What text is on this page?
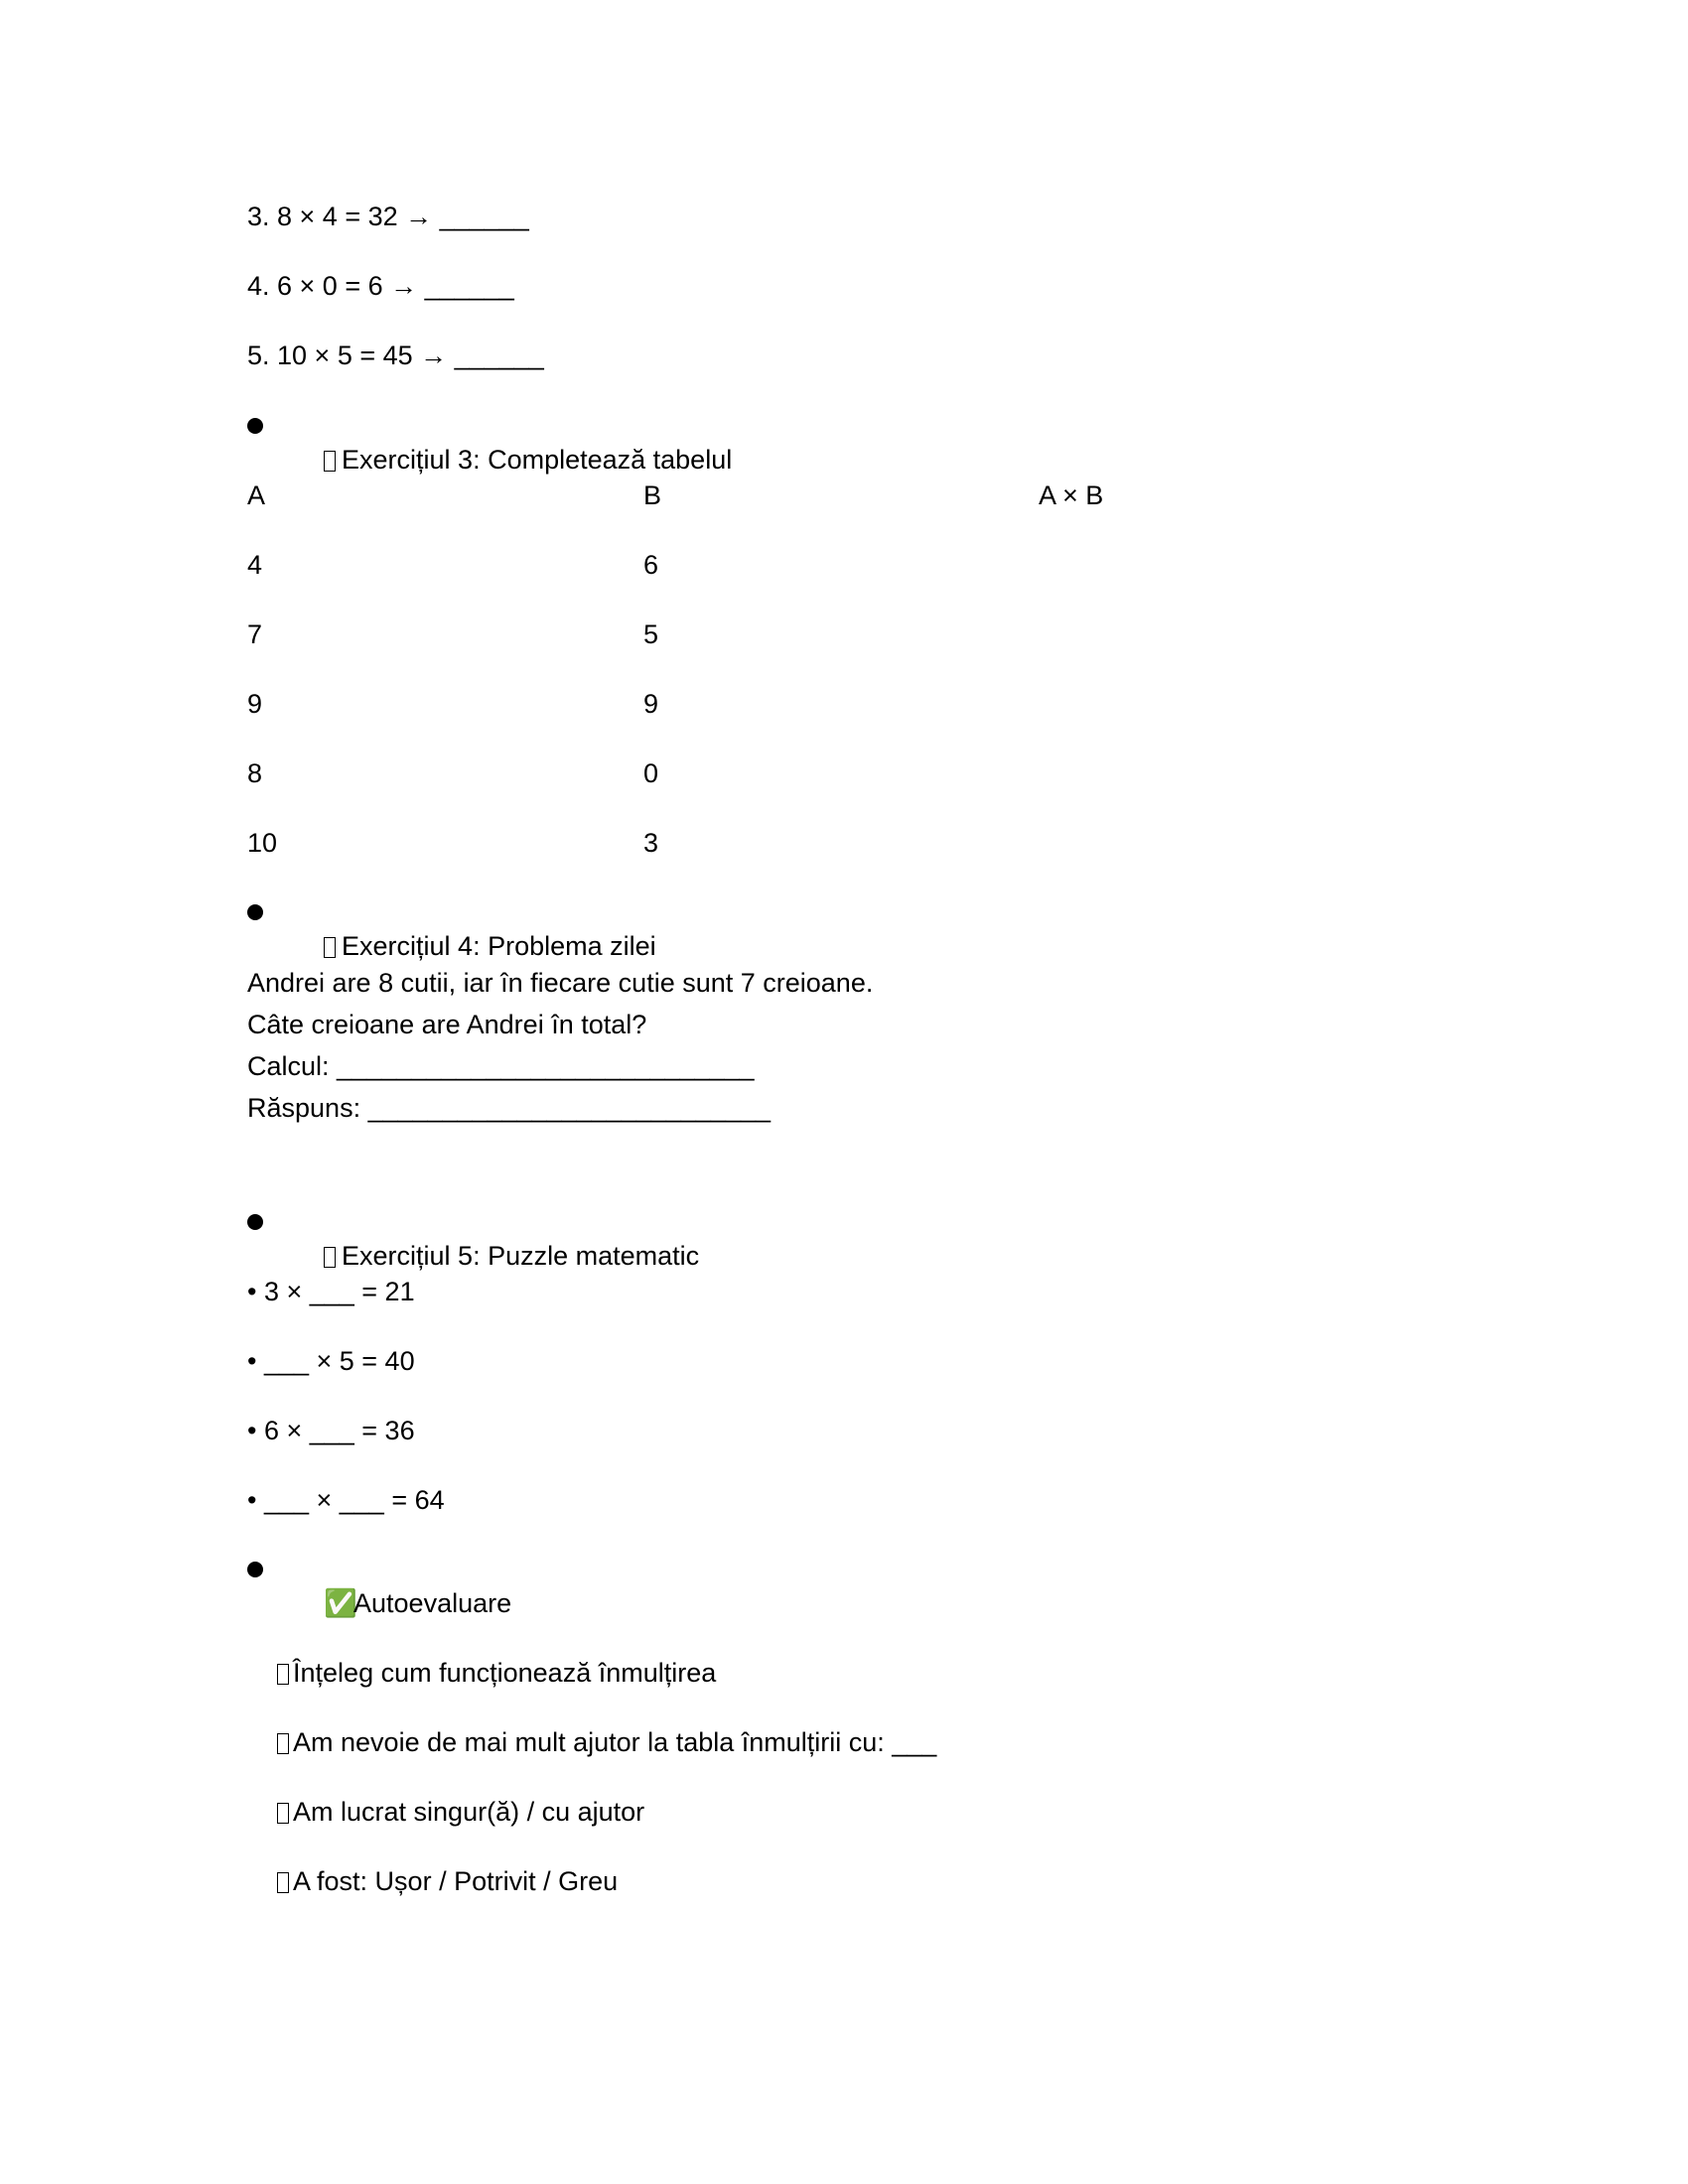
3. 8 × 4 = 32 → ______
4. 6 × 0 = 6 → ______
5. 10 × 5 = 45 → ______

Exercițiul 3: Completează tabelul

A	B	A × B
4	6
7	5
9	9
8	0
10	3

Exercițiul 4: Problema zilei

Andrei are 8 cutii, iar în fiecare cutie sunt 7 creioane.
Câte creioane are Andrei în total?
Calcul: ____________________________
Răspuns: ___________________________

Exercițiul 5: Puzzle matematic

• 3 × ___ = 21
• ___ × 5 = 40
• 6 × ___ = 36
• ___ × ___ = 64

✅Autoevaluare

Înțeleg cum funcționează înmulțirea

Am nevoie de mai mult ajutor la tabla înmulțirii cu: ___

Am lucrat singur(ă) / cu ajutor

A fost: Ușor / Potrivit / Greu
